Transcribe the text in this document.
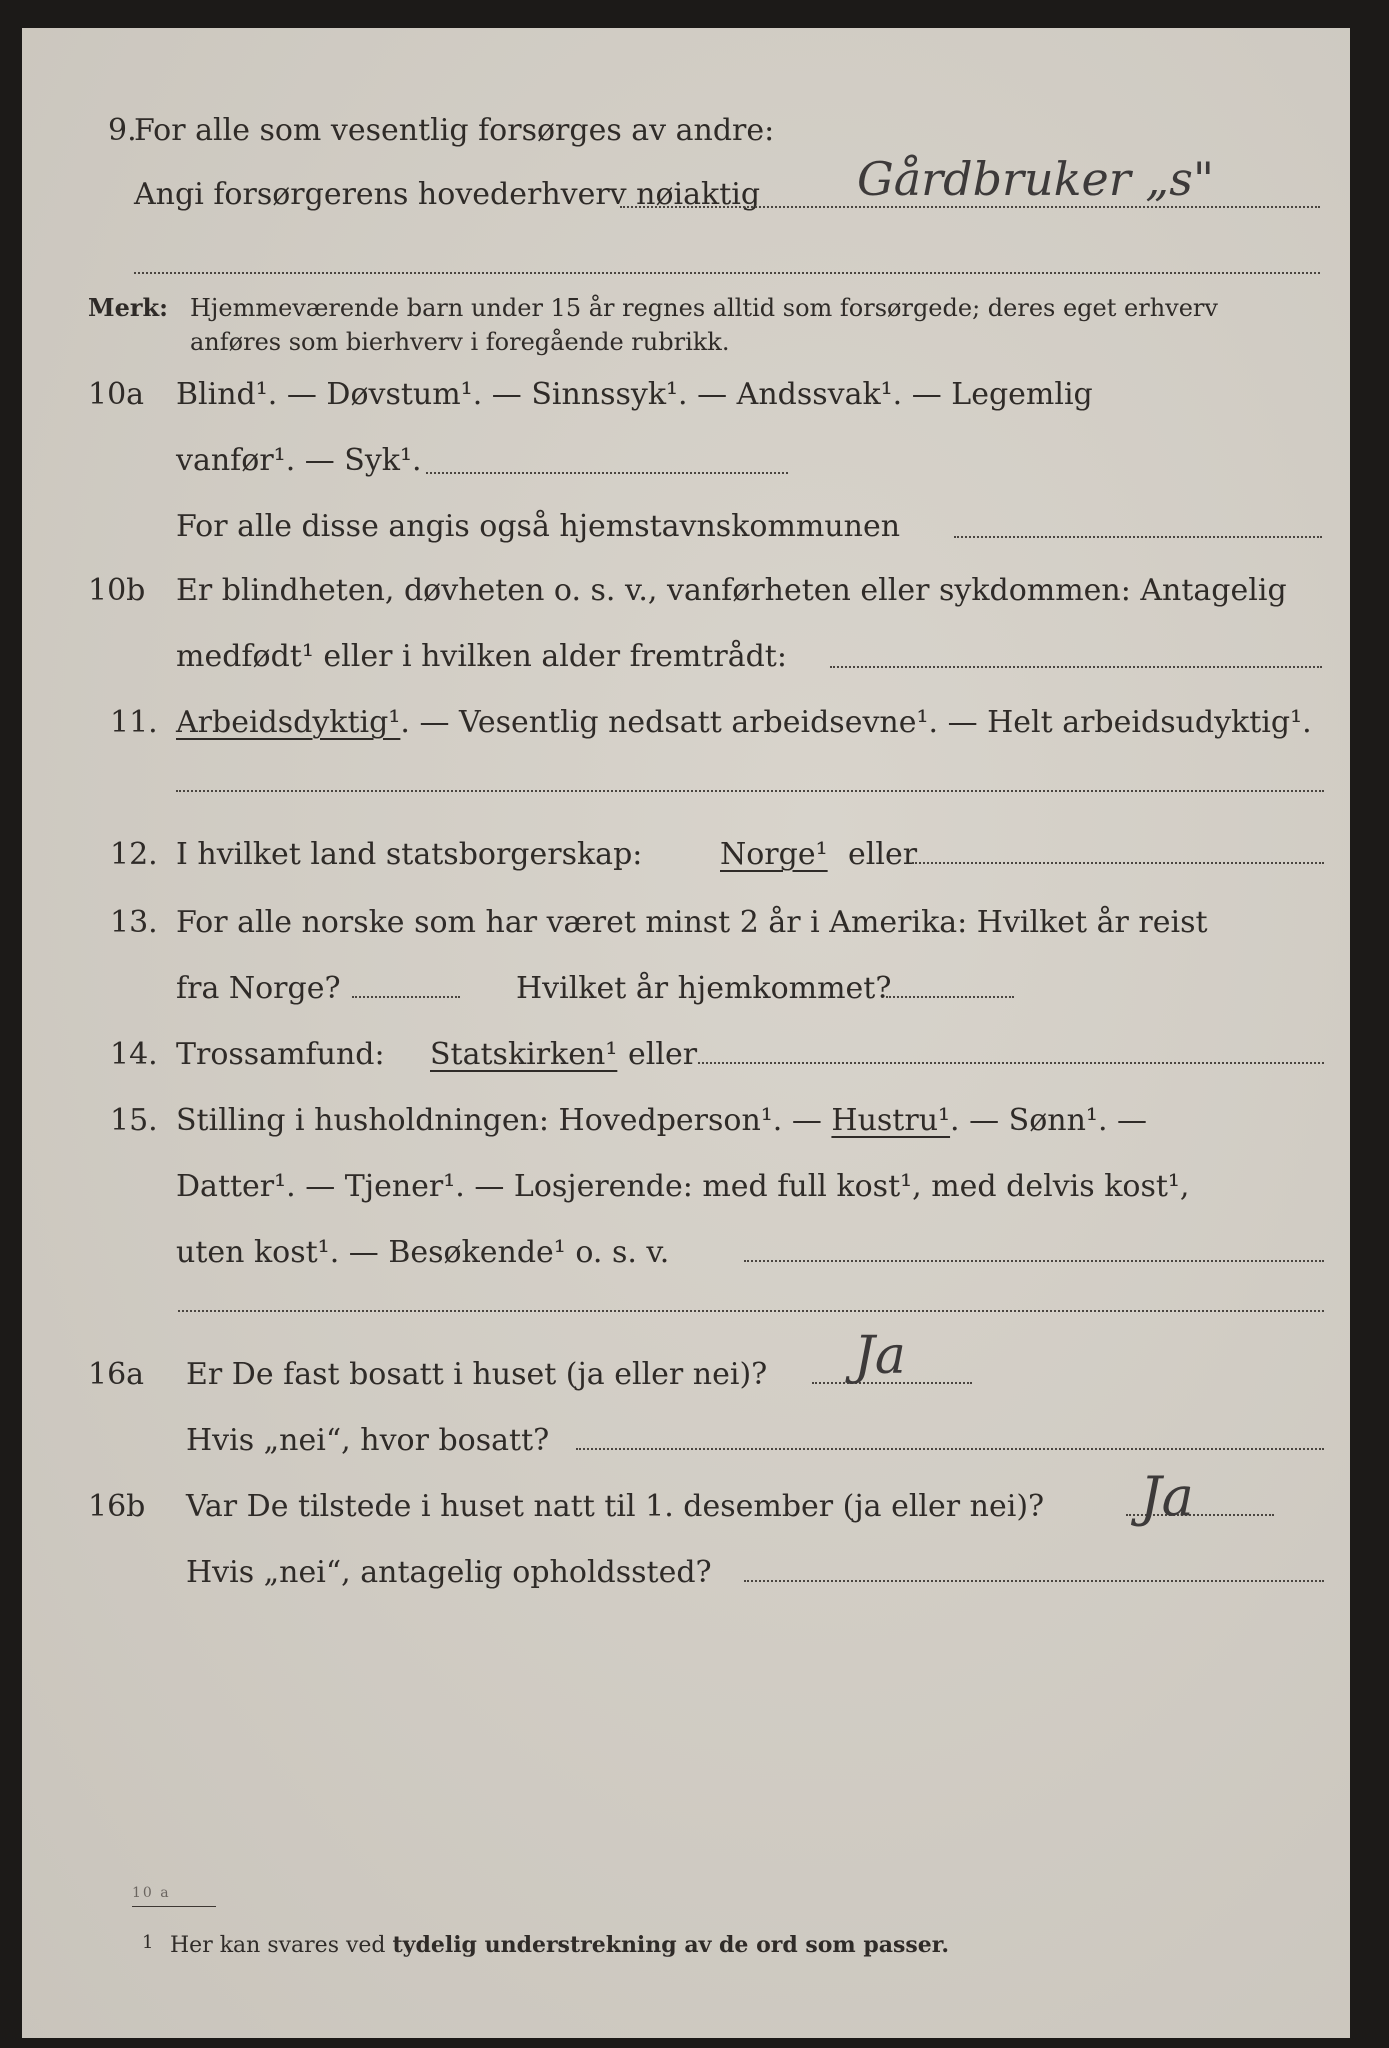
9.
For alle som vesentlig forsørges av andre:
Angi forsørgerens hovederhverv nøiaktig Gårdbruker „s"
Merk: Hjemmeværende barn under 15 år regnes alltid som forsørgede; deres eget erhverv
anføres som bierhverv i foregående rubrikk.
10a Blind¹. — Døvstum¹. — Sinnssyk¹. — Andssvak¹. — Legemlig
vanfør¹. — Syk¹.
For alle disse angis også hjemstavnskommunen
10b Er blindheten, døvheten o. s. v., vanførheten eller sykdommen: Antagelig
medfødt¹ eller i hvilken alder fremtrådt:
11. Arbeidsdyktig¹. — Vesentlig nedsatt arbeidsevne¹. — Helt arbeidsudyktig¹.
12. I hvilket land statsborgerskap:	Norge¹ eller
13. For alle norske som har været minst 2 år i Amerika: Hvilket år reist
fra Norge?	Hvilket år hjemkommet?
14. Trossamfund: Statskirken¹ eller
15. Stilling i husholdningen: Hovedperson¹. — Hustru¹. — Sønn¹. —
Datter¹. — Tjener¹. — Losjerende: med full kost¹, med delvis kost¹,
uten kost¹. — Besøkende¹ o. s. v.
16a Er De fast bosatt i huset (ja eller nei)? Ja
Hvis „nei“, hvor bosatt?
16b Var De tilstede i huset natt til 1. desember (ja eller nei)? Ja
Hvis „nei“, antagelig opholdssted?
10 a
1 Her kan svares ved tydelig understrekning av de ord som passer.
